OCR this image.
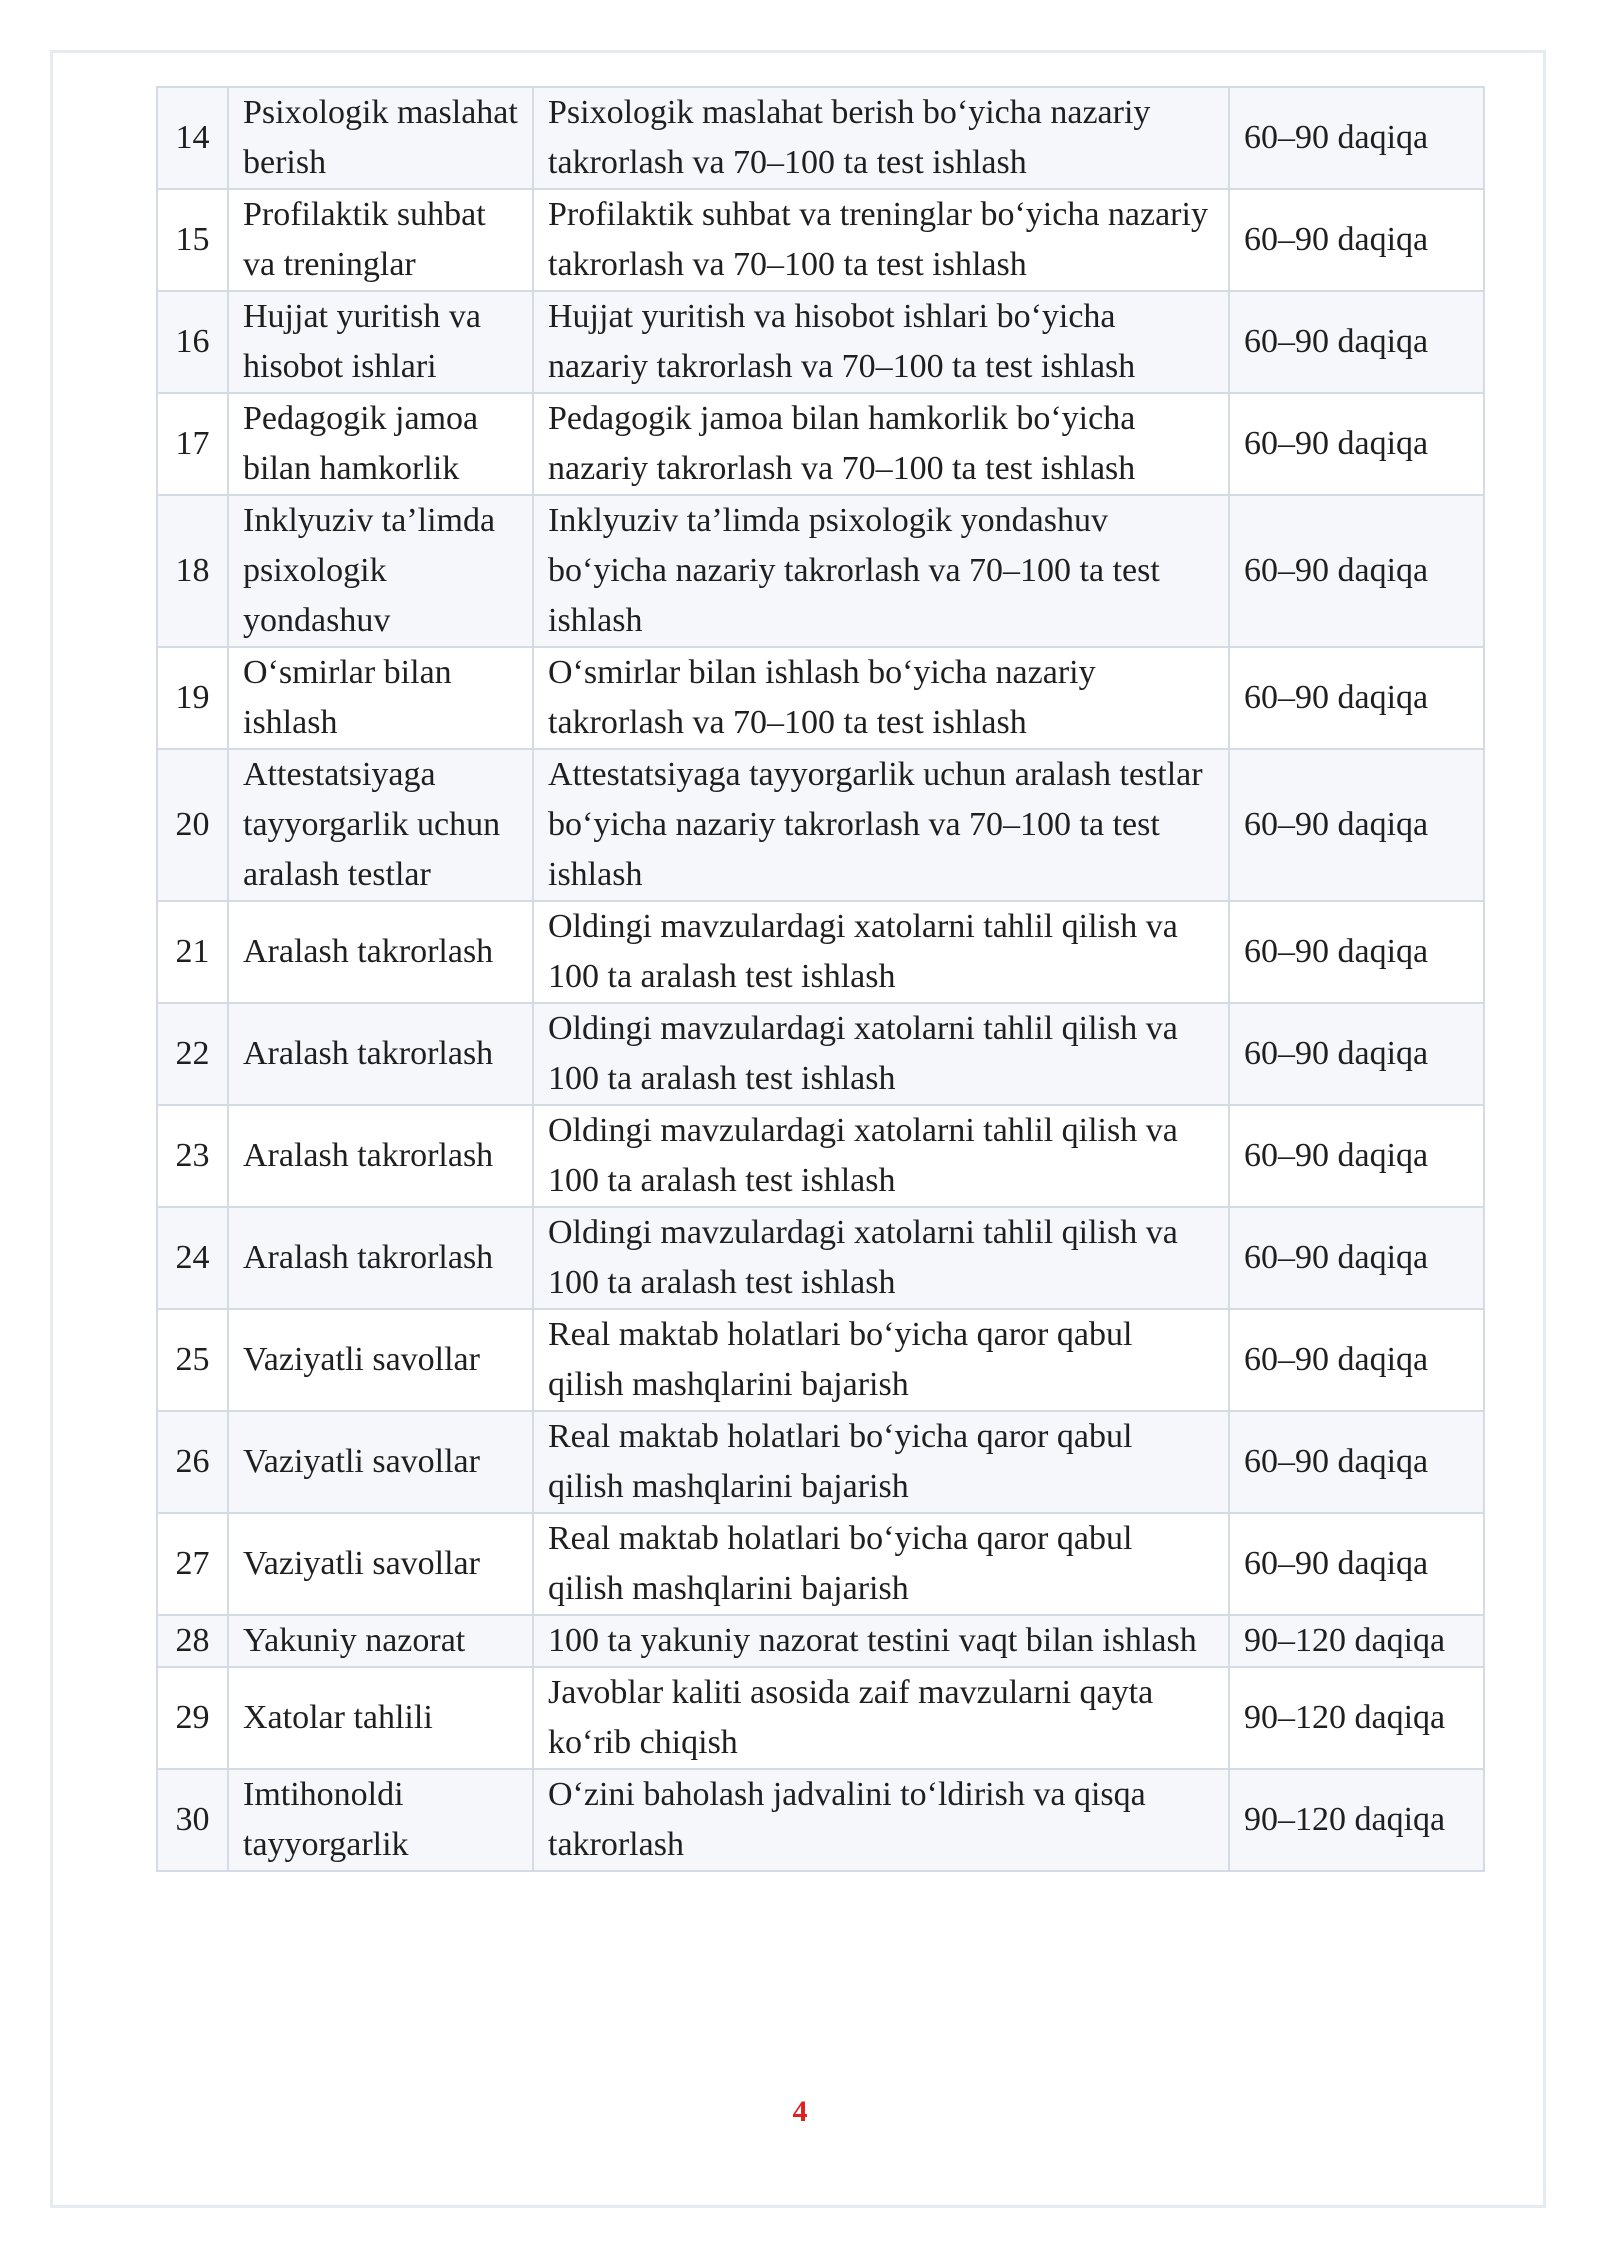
14	Psixologik maslahat berish	Psixologik maslahat berish bo‘yicha nazariy takrorlash va 70–100 ta test ishlash	60–90 daqiqa
15	Profilaktik suhbat va treninglar	Profilaktik suhbat va treninglar bo‘yicha nazariy takrorlash va 70–100 ta test ishlash	60–90 daqiqa
16	Hujjat yuritish va hisobot ishlari	Hujjat yuritish va hisobot ishlari bo‘yicha nazariy takrorlash va 70–100 ta test ishlash	60–90 daqiqa
17	Pedagogik jamoa bilan hamkorlik	Pedagogik jamoa bilan hamkorlik bo‘yicha nazariy takrorlash va 70–100 ta test ishlash	60–90 daqiqa
18	Inklyuziv ta’limda psixologik yondashuv	Inklyuziv ta’limda psixologik yondashuv bo‘yicha nazariy takrorlash va 70–100 ta test ishlash	60–90 daqiqa
19	O‘smirlar bilan ishlash	O‘smirlar bilan ishlash bo‘yicha nazariy takrorlash va 70–100 ta test ishlash	60–90 daqiqa
20	Attestatsiyaga tayyorgarlik uchun aralash testlar	Attestatsiyaga tayyorgarlik uchun aralash testlar bo‘yicha nazariy takrorlash va 70–100 ta test ishlash	60–90 daqiqa
21	Aralash takrorlash	Oldingi mavzulardagi xatolarni tahlil qilish va 100 ta aralash test ishlash	60–90 daqiqa
22	Aralash takrorlash	Oldingi mavzulardagi xatolarni tahlil qilish va 100 ta aralash test ishlash	60–90 daqiqa
23	Aralash takrorlash	Oldingi mavzulardagi xatolarni tahlil qilish va 100 ta aralash test ishlash	60–90 daqiqa
24	Aralash takrorlash	Oldingi mavzulardagi xatolarni tahlil qilish va 100 ta aralash test ishlash	60–90 daqiqa
25	Vaziyatli savollar	Real maktab holatlari bo‘yicha qaror qabul qilish mashqlarini bajarish	60–90 daqiqa
26	Vaziyatli savollar	Real maktab holatlari bo‘yicha qaror qabul qilish mashqlarini bajarish	60–90 daqiqa
27	Vaziyatli savollar	Real maktab holatlari bo‘yicha qaror qabul qilish mashqlarini bajarish	60–90 daqiqa
28	Yakuniy nazorat	100 ta yakuniy nazorat testini vaqt bilan ishlash	90–120 daqiqa
29	Xatolar tahlili	Javoblar kaliti asosida zaif mavzularni qayta ko‘rib chiqish	90–120 daqiqa
30	Imtihonoldi tayyorgarlik	O‘zini baholash jadvalini to‘ldirish va qisqa takrorlash	90–120 daqiqa
4
